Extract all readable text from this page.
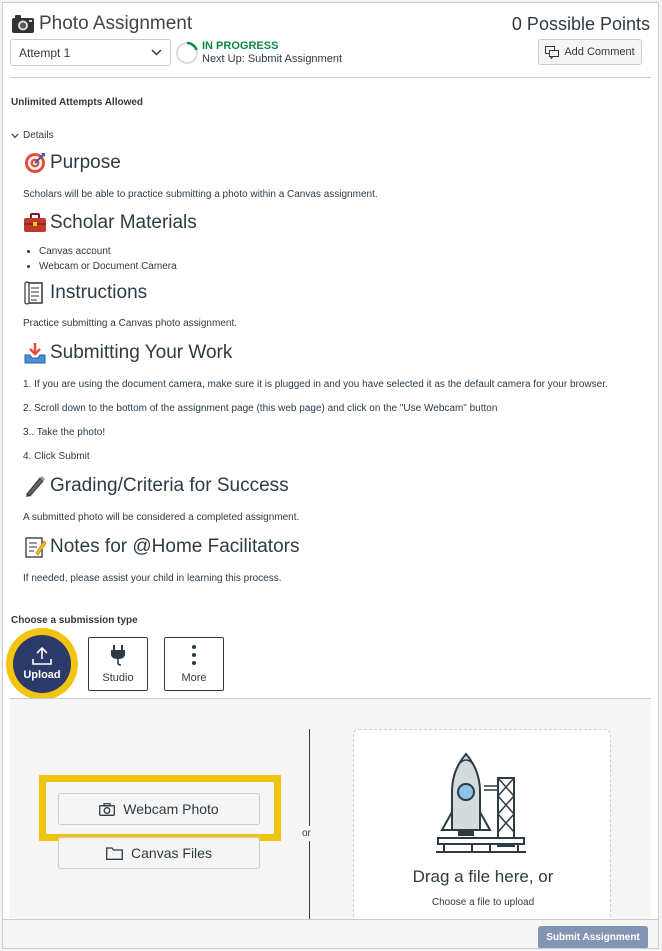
Photo Assignment	0 Possible Points
Attempt 1	IN PROGRESS
Next Up: Submit Assignment
Add Comment
Unlimited Attempts Allowed
Details
Purpose
Scholars will be able to practice submitting a photo within a Canvas assignment.
Scholar Materials
• Canvas account
• Webcam or Document Camera
Instructions
Practice submitting a Canvas photo assignment.
Submitting Your Work
1. If you are using the document camera, make sure it is plugged in and you have selected it as the default camera for your browser.
2. Scroll down to the bottom of the assignment page (this web page) and click on the "Use Webcam" button
3.. Take the photo!
4. Click Submit
Grading/Criteria for Success
A submitted photo will be considered a completed assignment.
Notes for @Home Facilitators
If needed, please assist your child in learning this process.
Choose a submission type
Upload	Studio	More
Webcam Photo
Canvas Files
or
Drag a file here, or
Choose a file to upload
Submit Assignment
